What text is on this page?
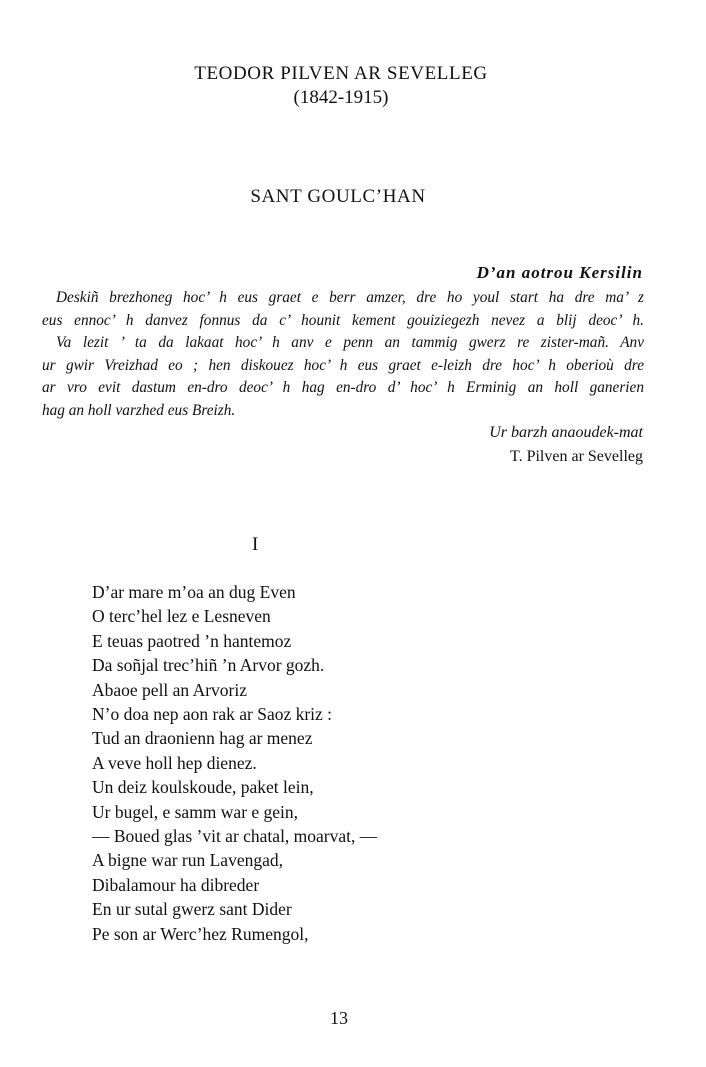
TEODOR PILVEN AR SEVELLEG
(1842-1915)
SANT GOULC’HAN
D’an aotrou Kersilin
Deskiñ brezhoneg hoc’ h eus graet e berr amzer, dre ho youl start ha dre ma’ z
eus ennoc’ h danvez fonnus da c’ hounit kement gouiziegezh nevez a blij deoc’ h.
Va lezit ’ ta da lakaat hoc’ h anv e penn an tammig gwerz re zister-mañ. Anv
ur gwir Vreizhad eo ; hen diskouez hoc’ h eus graet e-leizh dre hoc’ h oberioù dre
ar vro evit dastum en-dro deoc’ h hag en-dro d’ hoc’ h Erminig an holl ganerien
hag an holl varzhed eus Breizh.
Ur barzh anaoudek-mat
T. Pilven ar Sevelleg
I
D’ar mare m’oa an dug Even
O terc’hel lez e Lesneven
E teuas paotred ’n hantemoz
Da soñjal trec’hiñ ’n Arvor gozh.
Abaoe pell an Arvoriz
N’o doa nep aon rak ar Saoz kriz :
Tud an draonienn hag ar menez
A veve holl hep dienez.
Un deiz koulskoude, paket lein,
Ur bugel, e samm war e gein,
— Boued glas ’vit ar chatal, moarvat, —
A bigne war run Lavengad,
Dibalamour ha dibreder
En ur sutal gwerz sant Dider
Pe son ar Werc’hez Rumengol,
13
